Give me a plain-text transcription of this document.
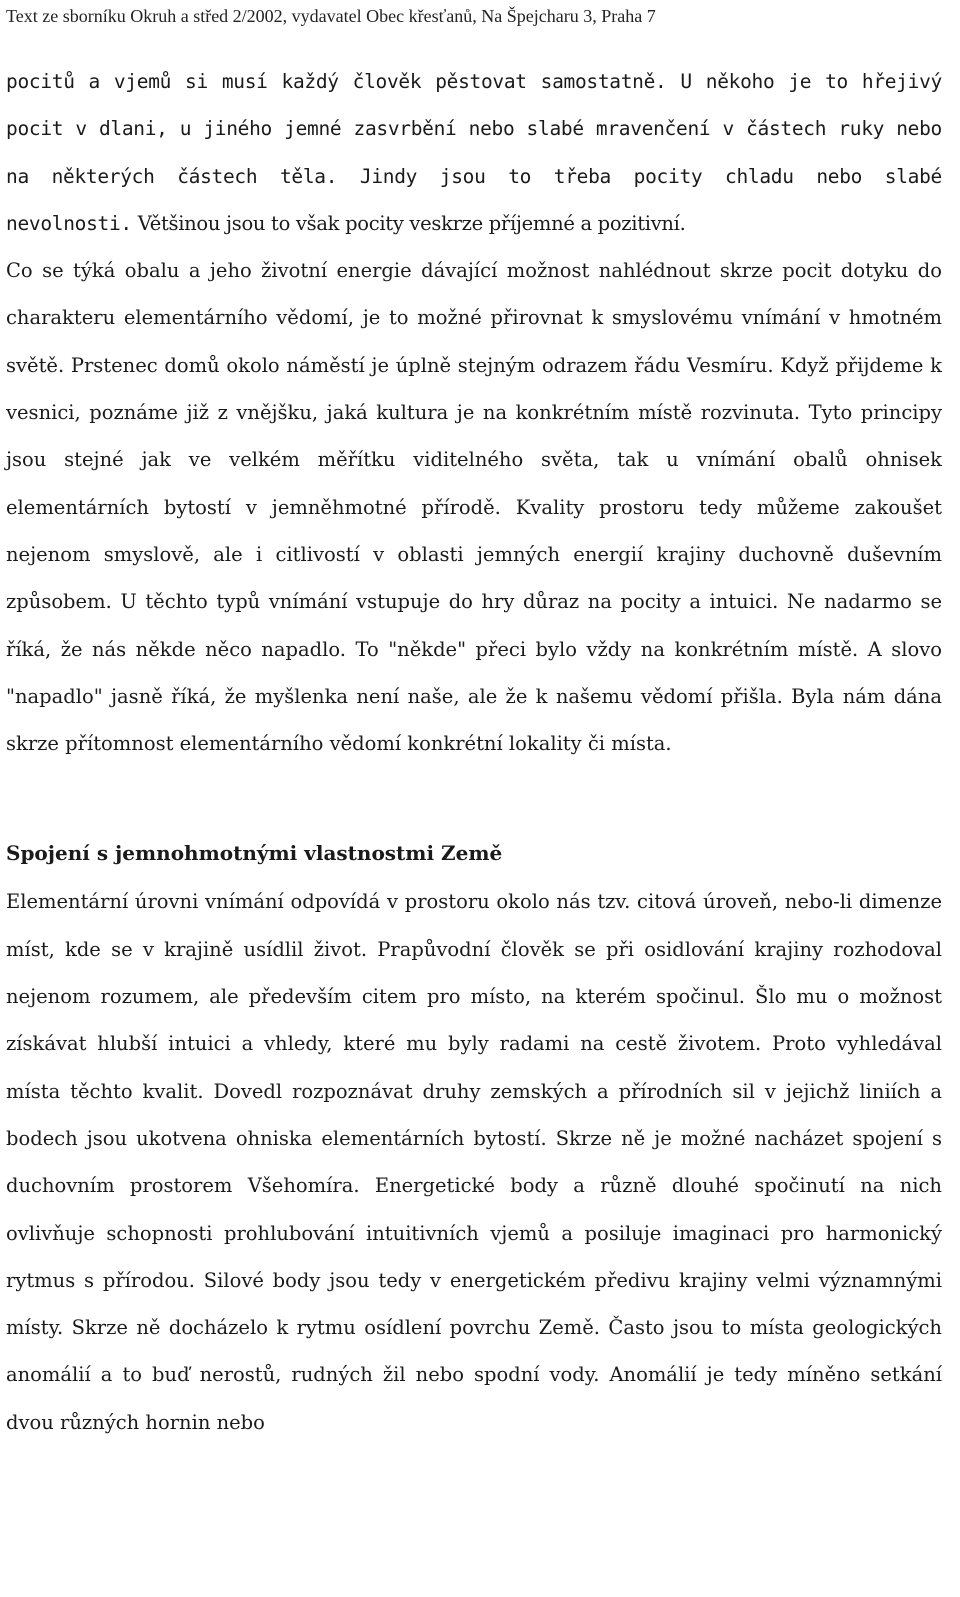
Text ze sborníku Okruh a střed 2/2002, vydavatel Obec křesťanů, Na Špejcharu 3, Praha 7

pocitů a vjemů si musí každý člověk pěstovat samostatně. U někoho je to hřejivý pocit v dlani, u jiného jemné zasvrbění nebo slabé mravenčení v částech ruky nebo na některých částech těla. Jindy jsou to třeba pocity chladu nebo slabé nevolnosti. Většinou jsou to však pocity veskrze příjemné a pozitivní.

Co se týká obalu a jeho životní energie dávající možnost nahlédnout skrze pocit dotyku do charakteru elementárního vědomí, je to možné přirovnat k smyslovému vnímání v hmotném světě. Prstenec domů okolo náměstí je úplně stejným odrazem řádu Vesmíru. Když přijdeme k vesnici, poznáme již z vnějšku, jaká kultura je na konkrétním místě rozvinuta. Tyto principy jsou stejné jak ve velkém měřítku viditelného světa, tak u vnímání obalů ohnisek elementárních bytostí v jemněhmotné přírodě. Kvality prostoru tedy můžeme zakoušet nejenom smyslově, ale i citlivostí v oblasti jemných energií krajiny duchovně duševním způsobem. U těchto typů vnímání vstupuje do hry důraz na pocity a intuici. Ne nadarmo se říká, že nás někde něco napadlo. To "někde" přeci bylo vždy na konkrétním místě. A slovo "napadlo" jasně říká, že myšlenka není naše, ale že k našemu vědomí přišla. Byla nám dána skrze přítomnost elementárního vědomí konkrétní lokality či místa.

Spojení s jemnohmotnými vlastnostmi Země

Elementární úrovni vnímání odpovídá v prostoru okolo nás tzv. citová úroveň, nebo-li dimenze míst, kde se v krajině usídlil život. Prapůvodní člověk se při osidlování krajiny rozhodoval nejenom rozumem, ale především citem pro místo, na kterém spočinul. Šlo mu o možnost získávat hlubší intuici a vhledy, které mu byly radami na cestě životem. Proto vyhledával místa těchto kvalit. Dovedl rozpoznávat druhy zemských a přírodních sil v jejichž liniích a bodech jsou ukotvena ohniska elementárních bytostí. Skrze ně je možné nacházet spojení s duchovním prostorem Všehomíra. Energetické body a různě dlouhé spočinutí na nich ovlivňuje schopnosti prohlubování intuitivních vjemů a posiluje imaginaci pro harmonický rytmus s přírodou. Silové body jsou tedy v energetickém předivu krajiny velmi významnými místy. Skrze ně docházelo k rytmu osídlení povrchu Země. Často jsou to místa geologických anomálií a to buď nerostů, rudných žil nebo spodní vody. Anomálií je tedy míněno setkání dvou různých hornin nebo
